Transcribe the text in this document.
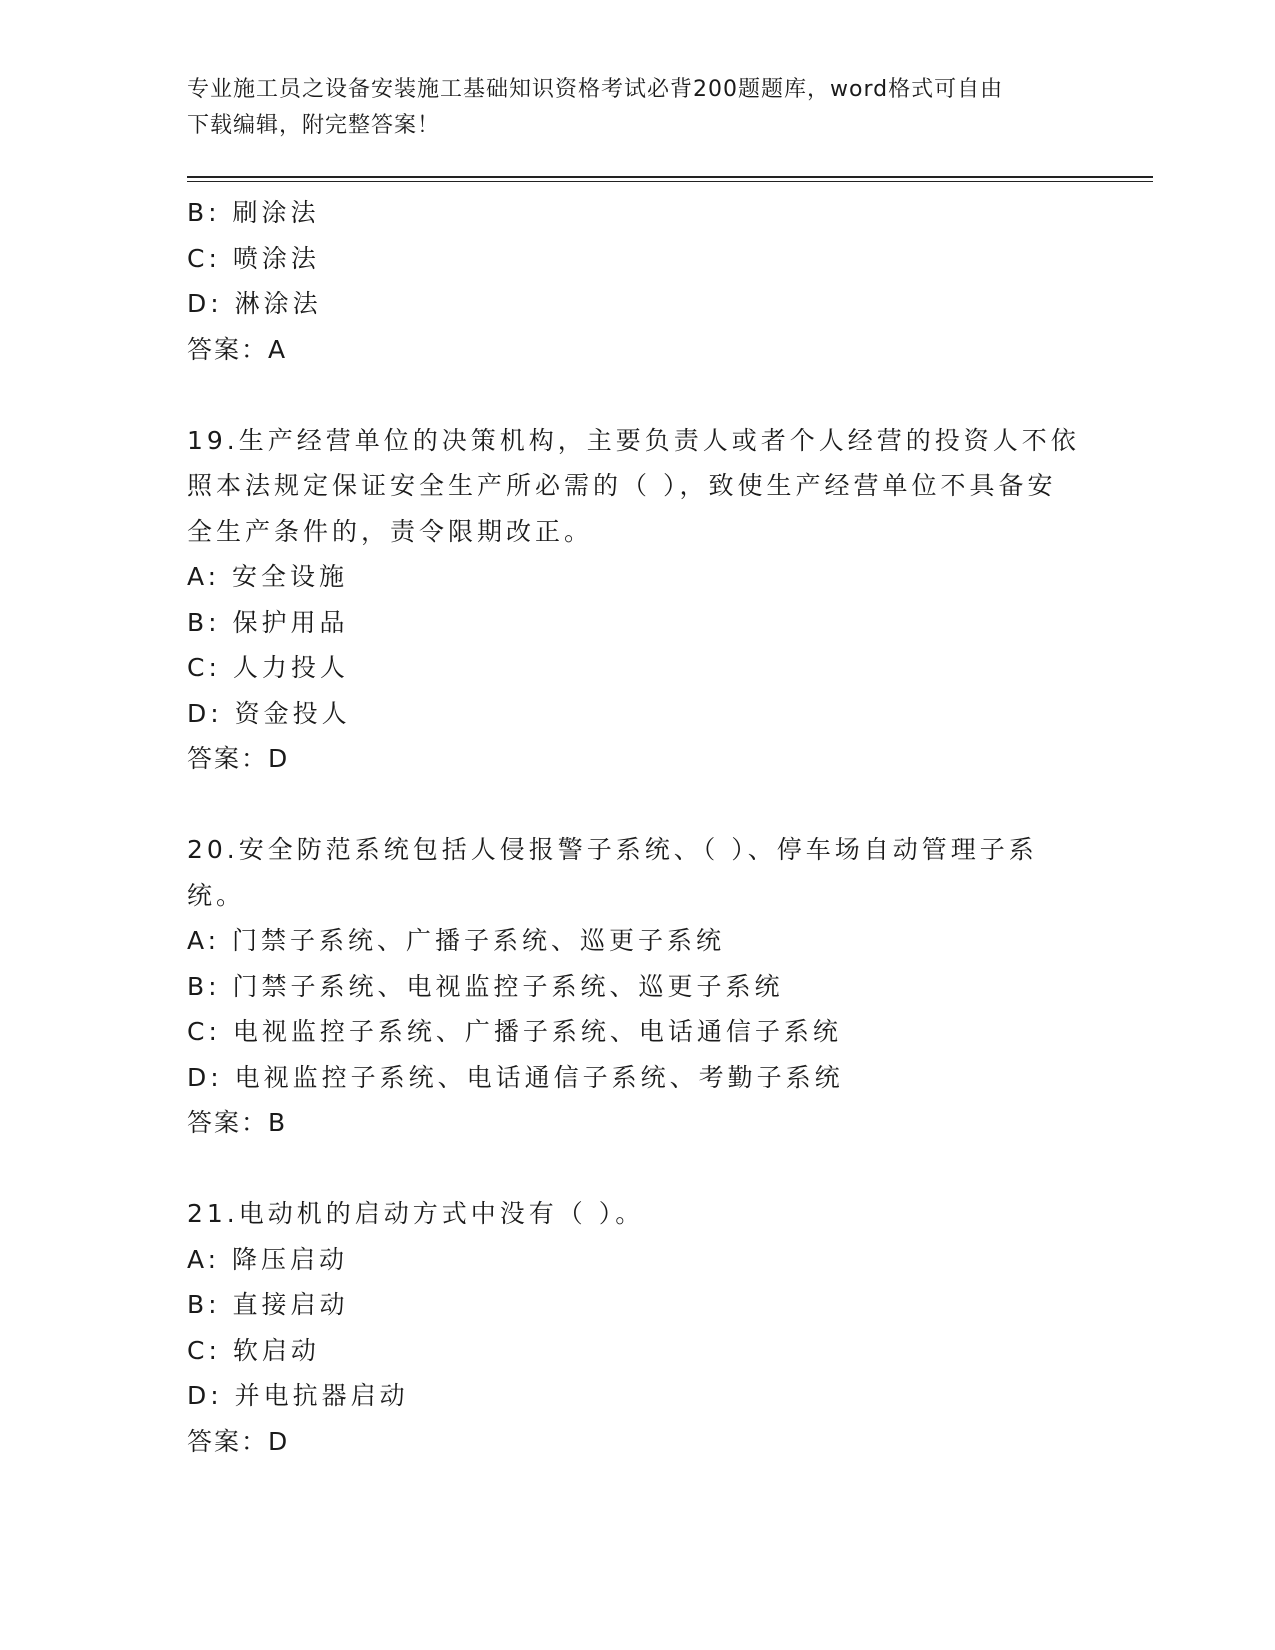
专业施工员之设备安装施工基础知识资格考试必背200题题库，word格式可自由
下载编辑，附完整答案！
B: 刷涂法
C: 喷涂法
D: 淋涂法
答案：A
19.生产经营单位的决策机构，主要负责人或者个人经营的投资人不依
照本法规定保证安全生产所必需的（ ），致使生产经营单位不具备安
全生产条件的，责令限期改正。
A: 安全设施
B: 保护用品
C: 人力投人
D: 资金投人
答案：D
20.安全防范系统包括人侵报警子系统、（ ）、停车场自动管理子系
统。
A: 门禁子系统、广播子系统、巡更子系统
B: 门禁子系统、电视监控子系统、巡更子系统
C: 电视监控子系统、广播子系统、电话通信子系统
D: 电视监控子系统、电话通信子系统、考勤子系统
答案：B
21.电动机的启动方式中没有（ ）。
A: 降压启动
B: 直接启动
C: 软启动
D: 并电抗器启动
答案：D
